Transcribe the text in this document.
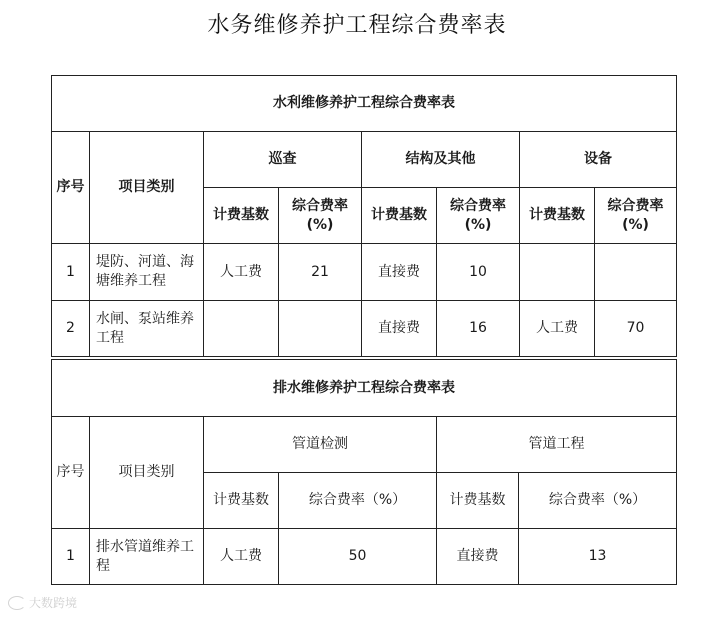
水务维修养护工程综合费率表
水利维修养护工程综合费率表							
序号	项目类别	巡查		结构及其他		设备	
		计费基数	综合费率(%)	计费基数	综合费率(%)	计费基数	综合费率(%)
1	堤防、河道、海塘维养工程	人工费	21	直接费	10		
2	水闸、泵站维养工程			直接费	16	人工费	70
排水维修养护工程综合费率表					
序号	项目类别	管道检测		管道工程	
		计费基数	综合费率（%）	计费基数	综合费率（%）
1	排水管道维养工程	人工费	50	直接费	13
大数跨境
